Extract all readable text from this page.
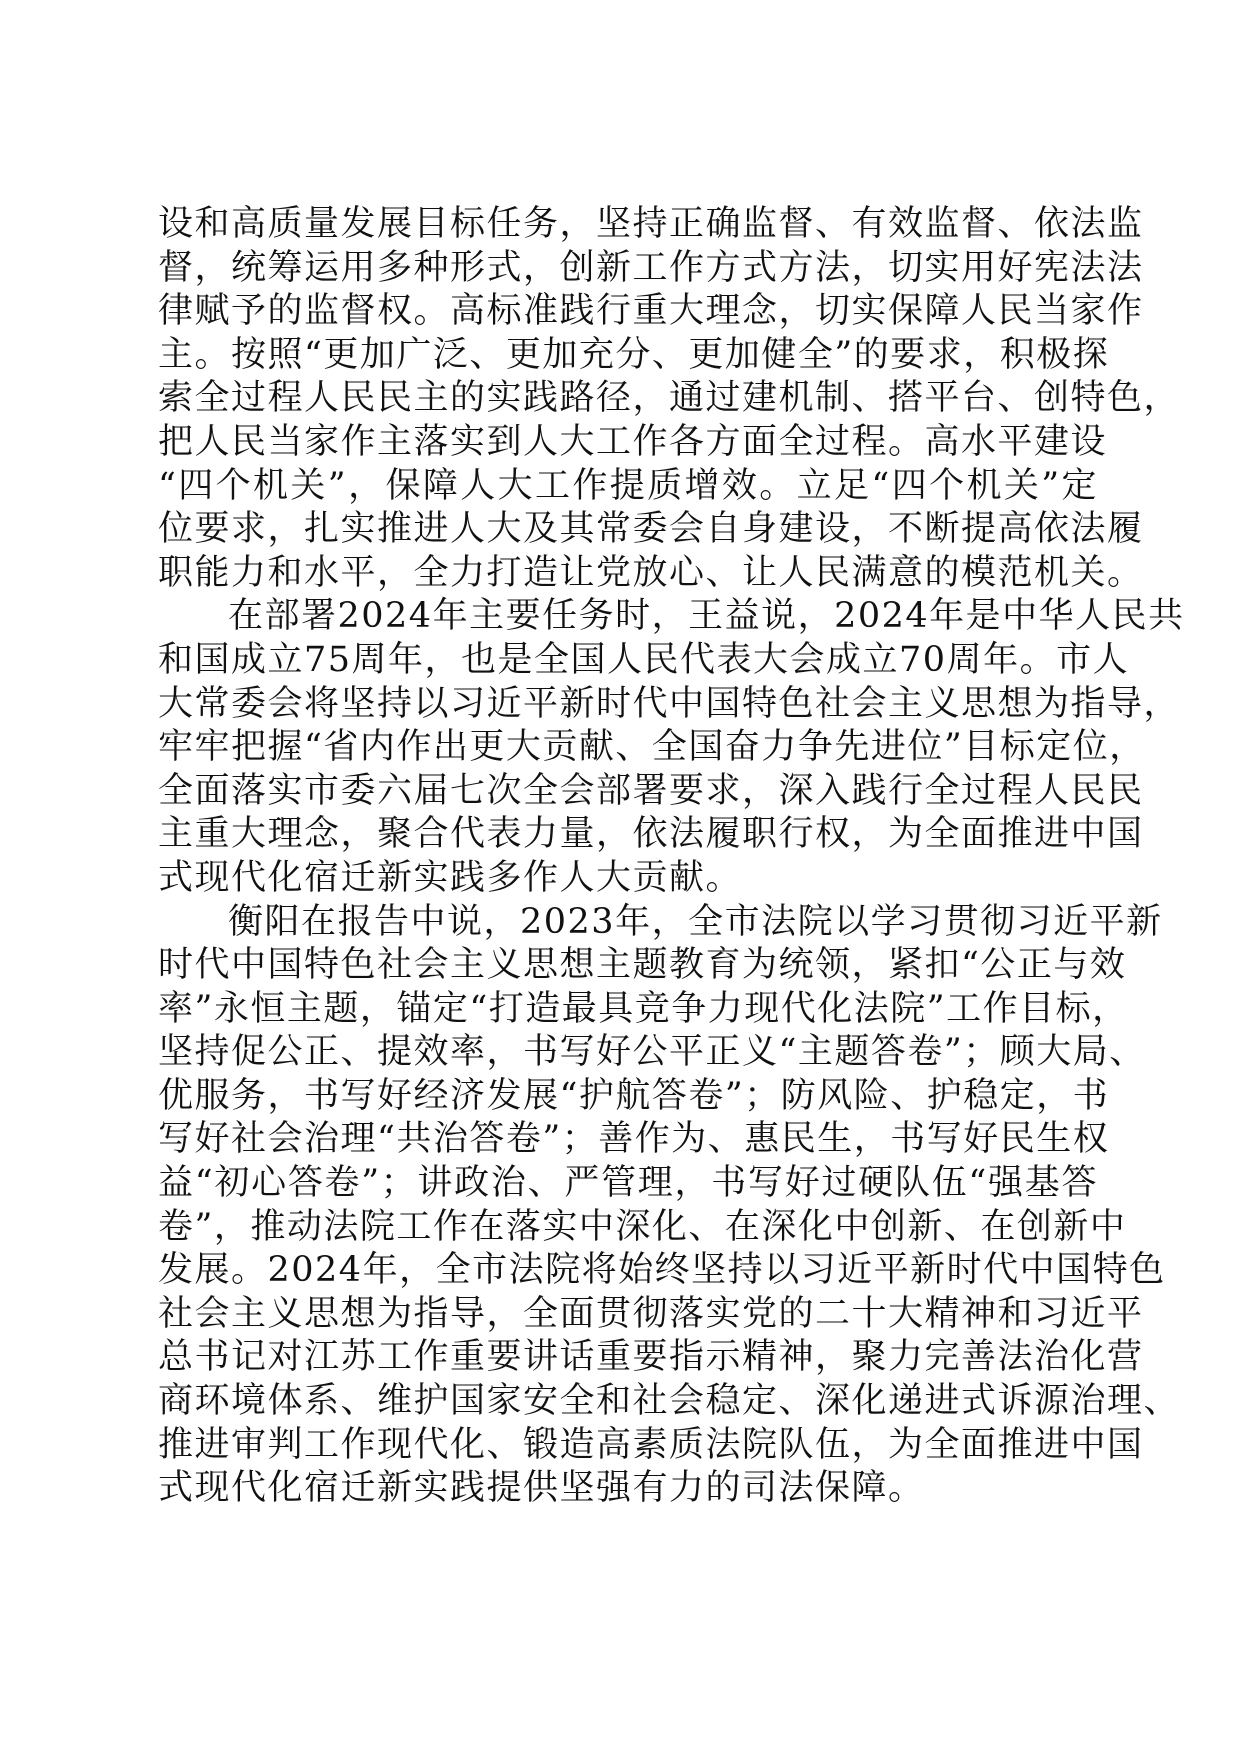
设和高质量发展目标任务，坚持正确监督、有效监督、依法监
督，统筹运用多种形式，创新工作方式方法，切实用好宪法法
律赋予的监督权。高标准践行重大理念，切实保障人民当家作
主。按照“更加广泛、更加充分、更加健全”的要求，积极探
索全过程人民民主的实践路径，通过建机制、搭平台、创特色，
把人民当家作主落实到人大工作各方面全过程。高水平建设
“四个机关”，保障人大工作提质增效。立足“四个机关”定
位要求，扎实推进人大及其常委会自身建设，不断提高依法履
职能力和水平，全力打造让党放心、让人民满意的模范机关。
在部署2024年主要任务时，王益说，2024年是中华人民共
和国成立75周年，也是全国人民代表大会成立70周年。市人
大常委会将坚持以习近平新时代中国特色社会主义思想为指导，
牢牢把握“省内作出更大贡献、全国奋力争先进位”目标定位，
全面落实市委六届七次全会部署要求，深入践行全过程人民民
主重大理念，聚合代表力量，依法履职行权，为全面推进中国
式现代化宿迁新实践多作人大贡献。
衡阳在报告中说，2023年，全市法院以学习贯彻习近平新
时代中国特色社会主义思想主题教育为统领，紧扣“公正与效
率”永恒主题，锚定“打造最具竞争力现代化法院”工作目标，
坚持促公正、提效率，书写好公平正义“主题答卷”；顾大局、
优服务，书写好经济发展“护航答卷”；防风险、护稳定，书
写好社会治理“共治答卷”；善作为、惠民生，书写好民生权
益“初心答卷”；讲政治、严管理，书写好过硬队伍“强基答
卷”，推动法院工作在落实中深化、在深化中创新、在创新中
发展。2024年，全市法院将始终坚持以习近平新时代中国特色
社会主义思想为指导，全面贯彻落实党的二十大精神和习近平
总书记对江苏工作重要讲话重要指示精神，聚力完善法治化营
商环境体系、维护国家安全和社会稳定、深化递进式诉源治理、
推进审判工作现代化、锻造高素质法院队伍，为全面推进中国
式现代化宿迁新实践提供坚强有力的司法保障。
